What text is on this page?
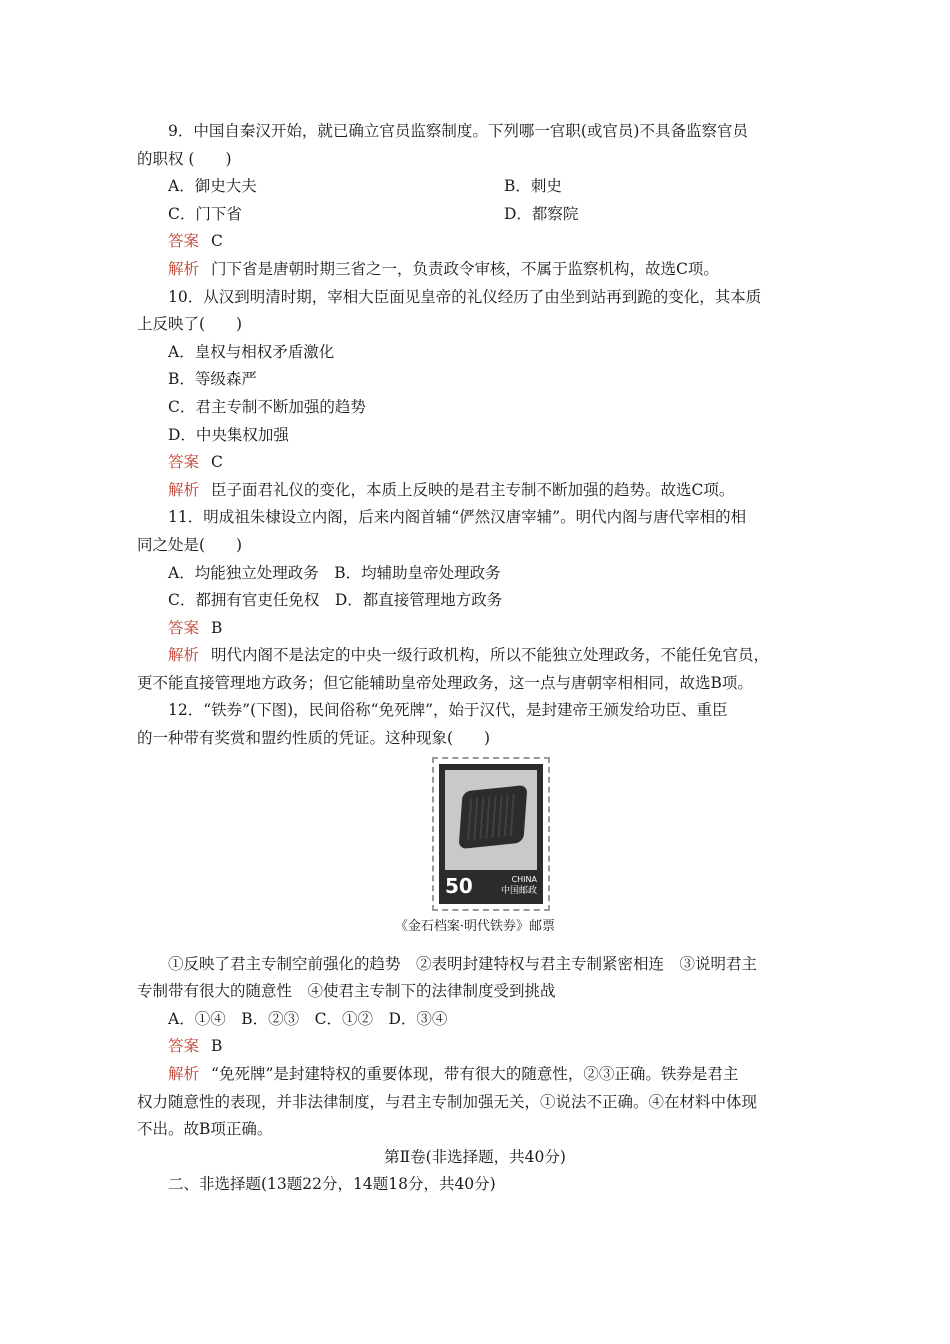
9．中国自秦汉开始，就已确立官员监察制度。下列哪一官职(或官员)不具备监察官员
的职权 (　　)
A．御史大夫	B．刺史
C．门下省	D．都察院
答案 C
解析 门下省是唐朝时期三省之一，负责政令审核，不属于监察机构，故选C项。
10．从汉到明清时期，宰相大臣面见皇帝的礼仪经历了由坐到站再到跪的变化，其本质
上反映了(　　)
A．皇权与相权矛盾激化
B．等级森严
C．君主专制不断加强的趋势
D．中央集权加强
答案 C
解析 臣子面君礼仪的变化，本质上反映的是君主专制不断加强的趋势。故选C项。
11．明成祖朱棣设立内阁，后来内阁首辅“俨然汉唐宰辅”。明代内阁与唐代宰相的相
同之处是(　　)
A．均能独立处理政务　B．均辅助皇帝处理政务
C．都拥有官吏任免权　D．都直接管理地方政务
答案 B
解析 明代内阁不是法定的中央一级行政机构，所以不能独立处理政务，不能任免官员，
更不能直接管理地方政务；但它能辅助皇帝处理政务，这一点与唐朝宰相相同，故选B项。
12．“铁券”(下图)，民间俗称“免死牌”，始于汉代，是封建帝王颁发给功臣、重臣
的一种带有奖赏和盟约性质的凭证。这种现象(　　)
50	CHINA
中国邮政
《金石档案·明代铁券》邮票
①反映了君主专制空前强化的趋势　②表明封建特权与君主专制紧密相连　③说明君主
专制带有很大的随意性　④使君主专制下的法律制度受到挑战
A．①④　B．②③　C．①②　D．③④
答案 B
解析 “免死牌”是封建特权的重要体现，带有很大的随意性，②③正确。铁券是君主
权力随意性的表现，并非法律制度，与君主专制加强无关，①说法不正确。④在材料中体现
不出。故B项正确。
第Ⅱ卷(非选择题，共40分)
二、非选择题(13题22分，14题18分，共40分)
